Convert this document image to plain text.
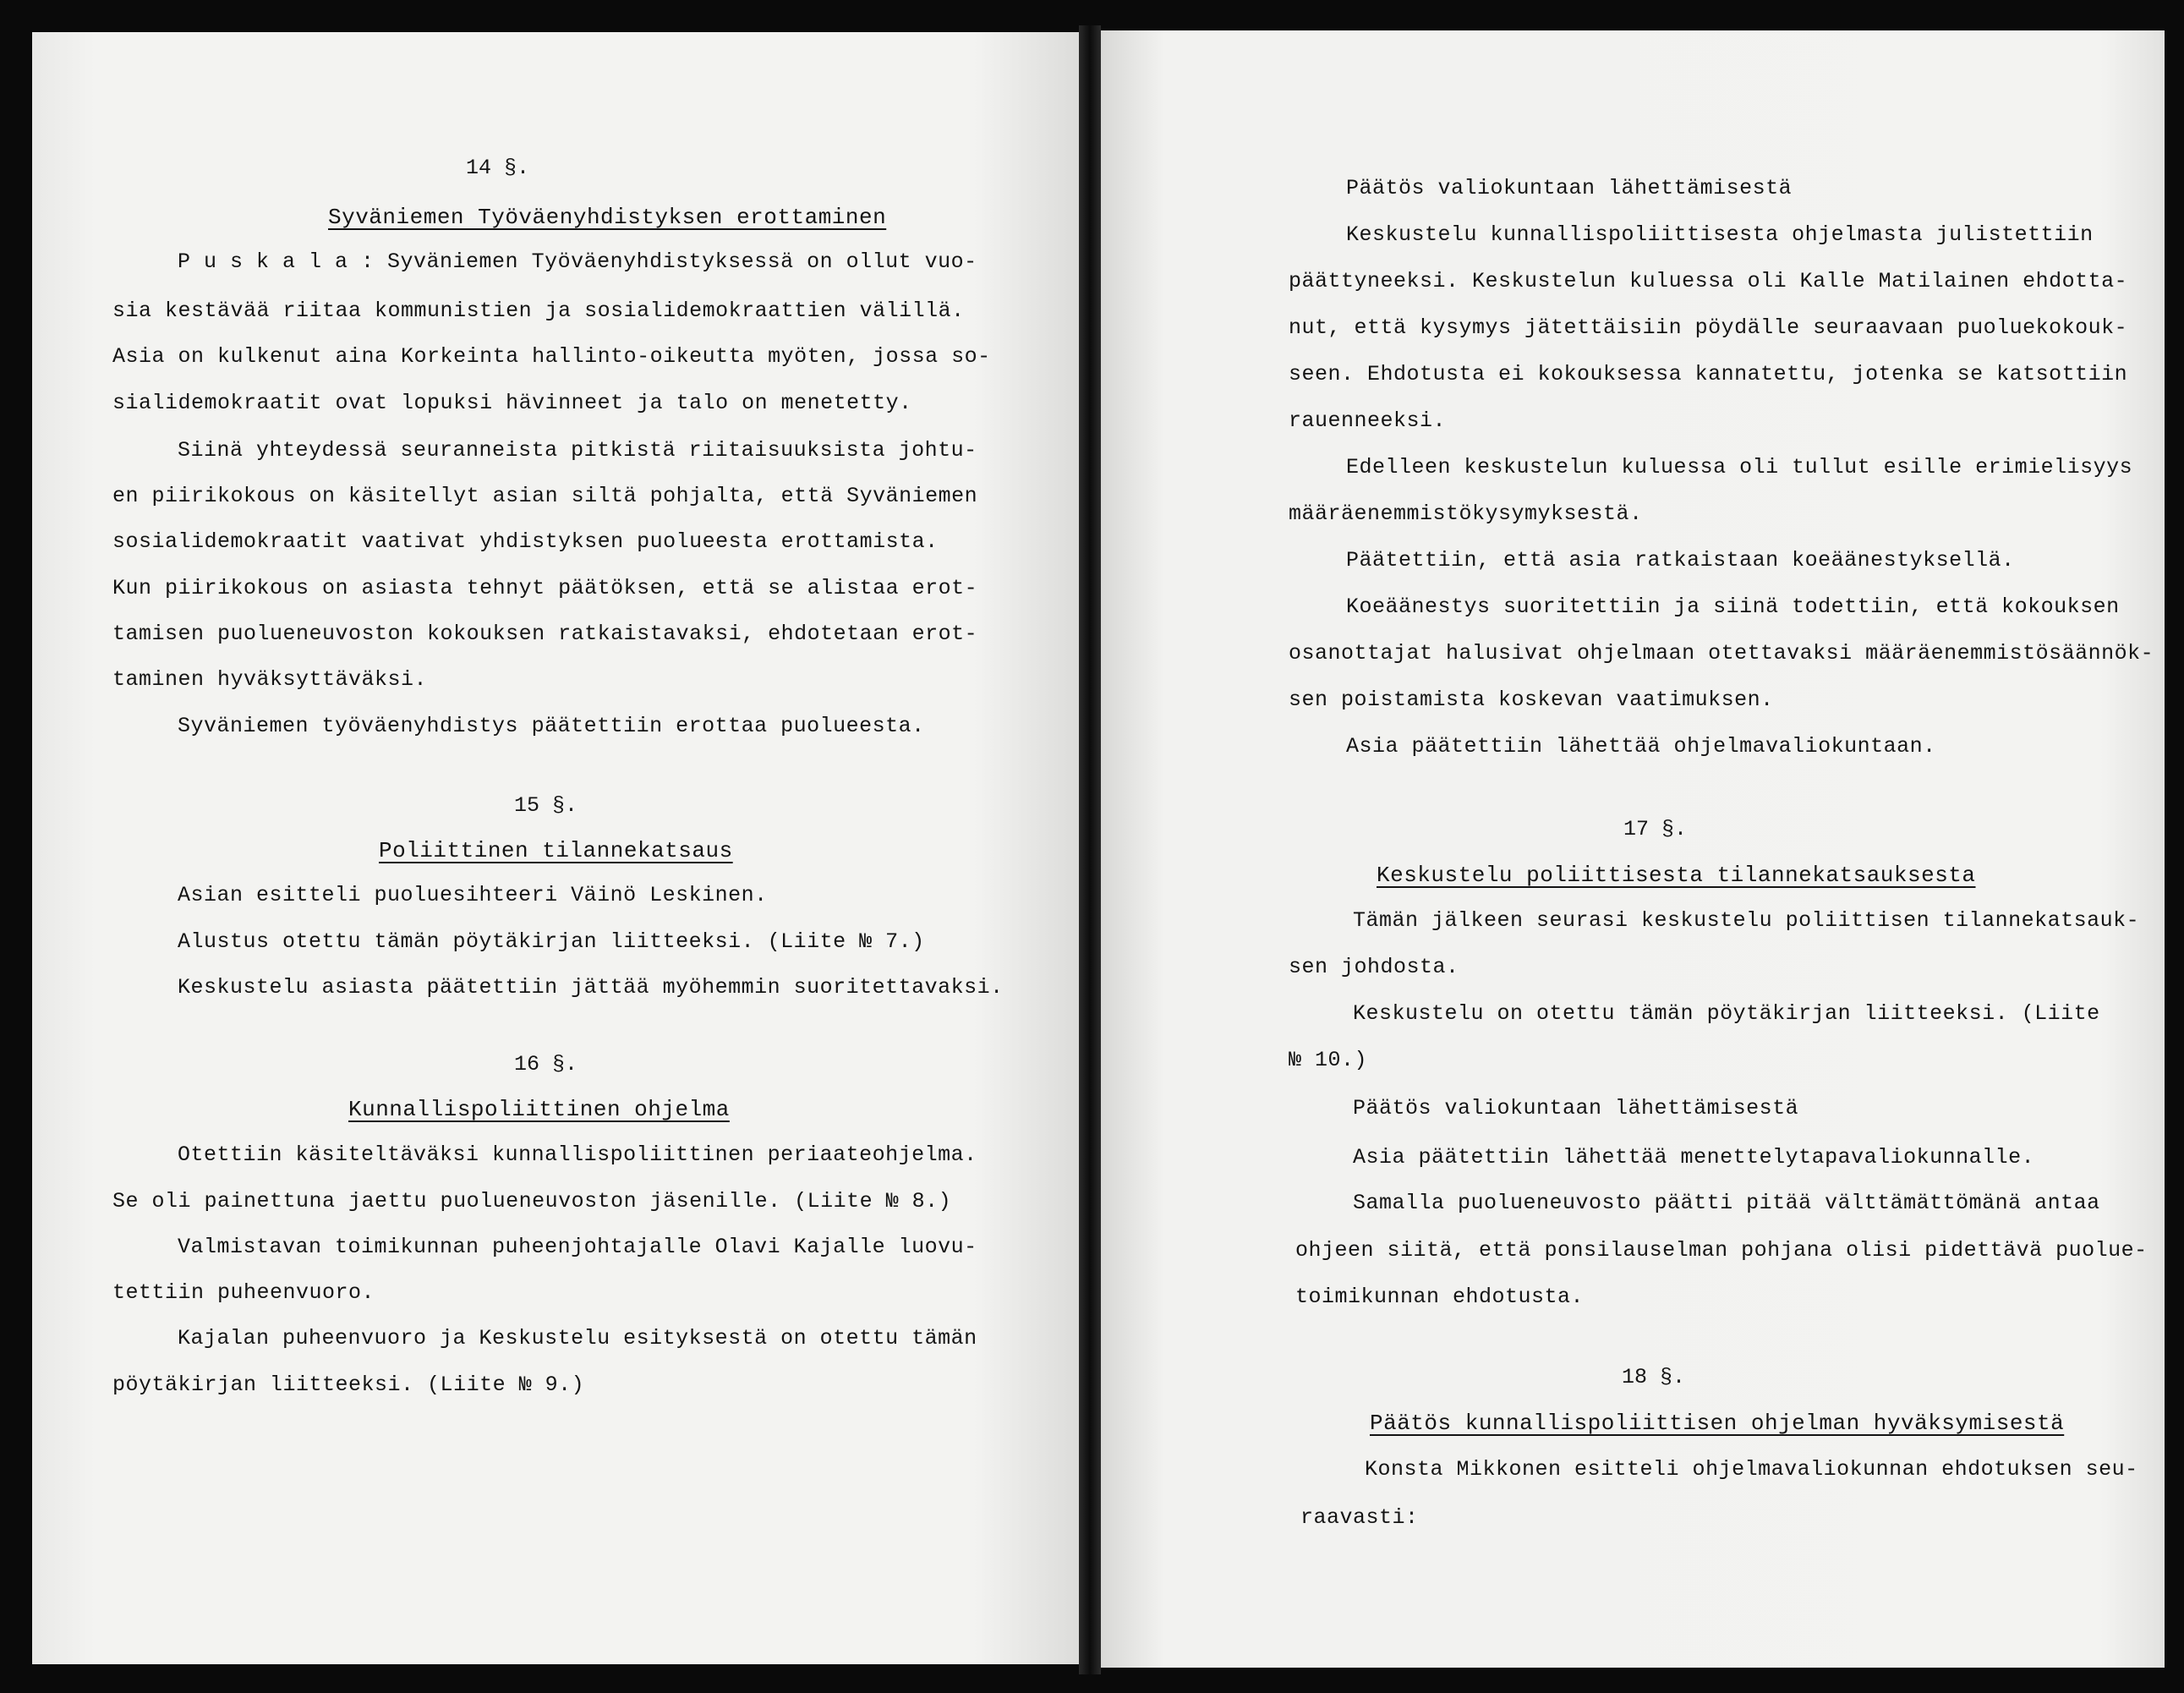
14 §.
Syväniemen Työväenyhdistyksen erottaminen
P u s k a l a : Syväniemen Työväenyhdistyksessä on ollut vuo-
sia kestävää riitaa kommunistien ja sosialidemokraattien välillä.
Asia on kulkenut aina Korkeinta hallinto-oikeutta myöten, jossa so-
sialidemokraatit ovat lopuksi hävinneet ja talo on menetetty.
Siinä yhteydessä seuranneista pitkistä riitaisuuksista johtu-
en piirikokous on käsitellyt asian siltä pohjalta, että Syväniemen
sosialidemokraatit vaativat yhdistyksen puolueesta erottamista.
Kun piirikokous on asiasta tehnyt päätöksen, että se alistaa erot-
tamisen puolueneuvoston kokouksen ratkaistavaksi, ehdotetaan erot-
taminen hyväksyttäväksi.
Syväniemen työväenyhdistys päätettiin erottaa puolueesta.
15 §.
Poliittinen tilannekatsaus
Asian esitteli puoluesihteeri Väinö Leskinen.
Alustus otettu tämän pöytäkirjan liitteeksi. (Liite № 7.)
Keskustelu asiasta päätettiin jättää myöhemmin suoritettavaksi.
16 §.
Kunnallispoliittinen ohjelma
Otettiin käsiteltäväksi kunnallispoliittinen periaateohjelma.
Se oli painettuna jaettu puolueneuvoston jäsenille. (Liite № 8.)
Valmistavan toimikunnan puheenjohtajalle Olavi Kajalle luovu-
tettiin puheenvuoro.
Kajalan puheenvuoro ja Keskustelu esityksestä on otettu tämän
pöytäkirjan liitteeksi. (Liite № 9.)
Päätös valiokuntaan lähettämisestä
Keskustelu kunnallispoliittisesta ohjelmasta julistettiin
päättyneeksi. Keskustelun kuluessa oli Kalle Matilainen ehdotta-
nut, että kysymys jätettäisiin pöydälle seuraavaan puoluekokouk-
seen. Ehdotusta ei kokouksessa kannatettu, jotenka se katsottiin
rauenneeksi.
Edelleen keskustelun kuluessa oli tullut esille erimielisyys
määräenemmistökysymyksestä.
Päätettiin, että asia ratkaistaan koeäänestyksellä.
Koeäänestys suoritettiin ja siinä todettiin, että kokouksen
osanottajat halusivat ohjelmaan otettavaksi määräenemmistösäännök-
sen poistamista koskevan vaatimuksen.
Asia päätettiin lähettää ohjelmavaliokuntaan.
17 §.
Keskustelu poliittisesta tilannekatsauksesta
Tämän jälkeen seurasi keskustelu poliittisen tilannekatsauk-
sen johdosta.
Keskustelu on otettu tämän pöytäkirjan liitteeksi. (Liite
№ 10.)
Päätös valiokuntaan lähettämisestä
Asia päätettiin lähettää menettelytapavaliokunnalle.
Samalla puolueneuvosto päätti pitää välttämättömänä antaa
ohjeen siitä, että ponsilauselman pohjana olisi pidettävä puolue-
toimikunnan ehdotusta.
18 §.
Päätös kunnallispoliittisen ohjelman hyväksymisestä
Konsta Mikkonen esitteli ohjelmavaliokunnan ehdotuksen seu-
raavasti:
